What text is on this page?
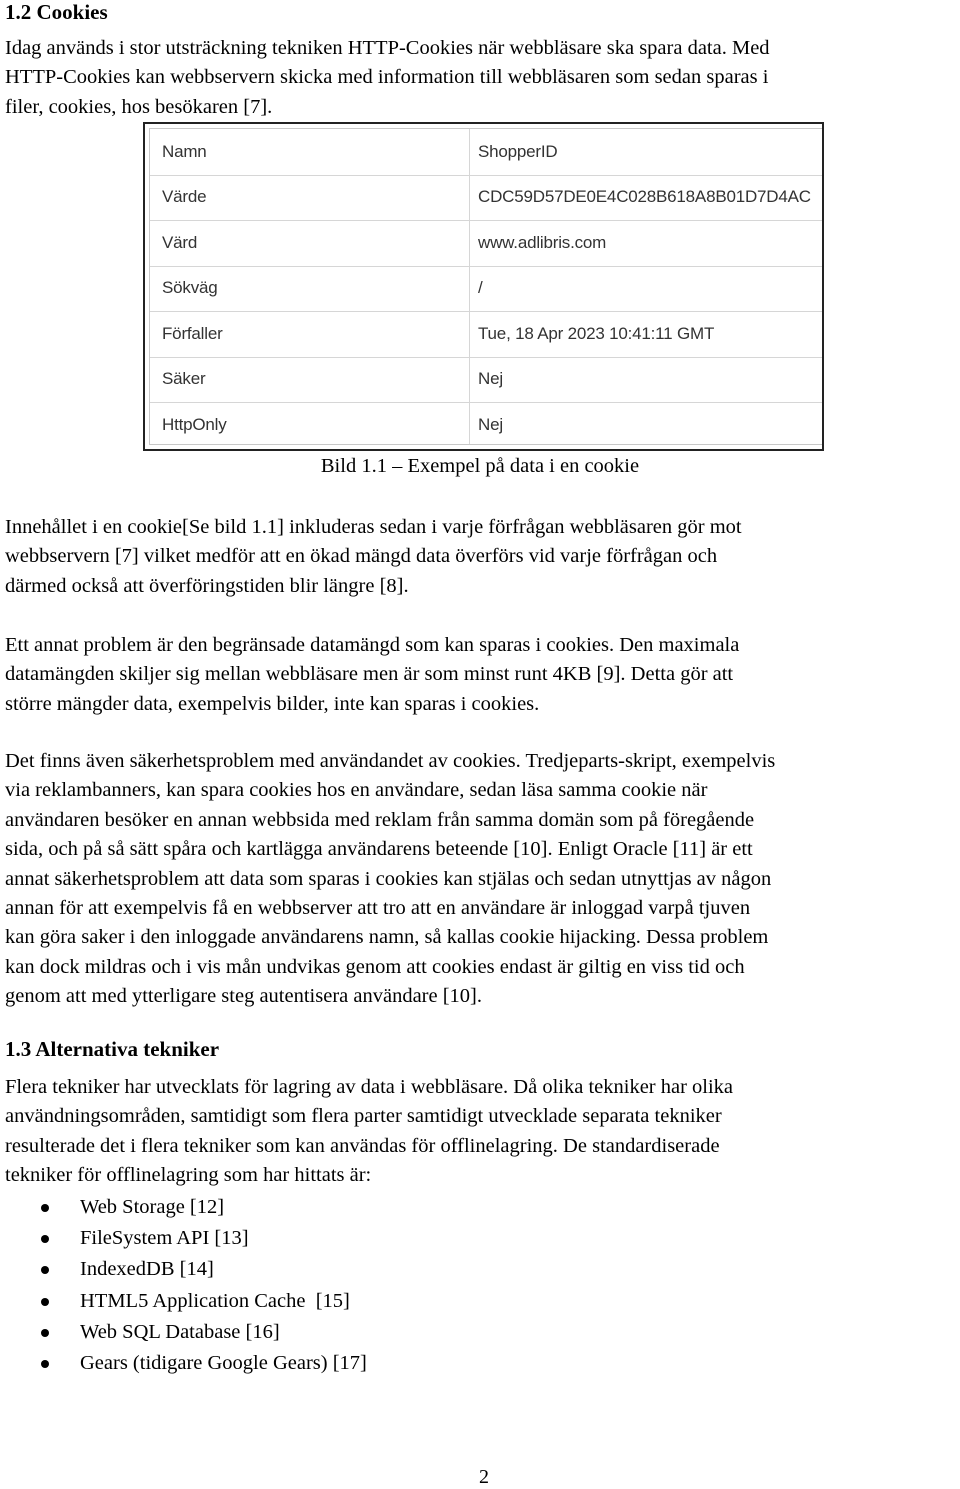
1.2 Cookies

Idag används i stor utsträckning tekniken HTTP-Cookies när webbläsare ska spara data. Med
HTTP-Cookies kan webbservern skicka med information till webbläsaren som sedan sparas i
filer, cookies, hos besökaren [7].

Namn	ShopperID
Värde	CDC59D57DE0E4C028B618A8B01D7D4AC
Värd	www.adlibris.com
Sökväg	/
Förfaller	Tue, 18 Apr 2023 10:41:11 GMT
Säker	Nej
HttpOnly	Nej
Bild 1.1 – Exempel på data i en cookie

Innehållet i en cookie[Se bild 1.1] inkluderas sedan i varje förfrågan webbläsaren gör mot
webbservern [7] vilket medför att en ökad mängd data överförs vid varje förfrågan och
därmed också att överföringstiden blir längre [8].

Ett annat problem är den begränsade datamängd som kan sparas i cookies. Den maximala
datamängden skiljer sig mellan webbläsare men är som minst runt 4KB [9]. Detta gör att
större mängder data, exempelvis bilder, inte kan sparas i cookies.

Det finns även säkerhetsproblem med användandet av cookies. Tredjeparts-skript, exempelvis
via reklambanners, kan spara cookies hos en användare, sedan läsa samma cookie när
användaren besöker en annan webbsida med reklam från samma domän som på föregående
sida, och på så sätt spåra och kartlägga användarens beteende [10]. Enligt Oracle [11] är ett
annat säkerhetsproblem att data som sparas i cookies kan stjälas och sedan utnyttjas av någon
annan för att exempelvis få en webbserver att tro att en användare är inloggad varpå tjuven
kan göra saker i den inloggade användarens namn, så kallas cookie hijacking. Dessa problem
kan dock mildras och i vis mån undvikas genom att cookies endast är giltig en viss tid och
genom att med ytterligare steg autentisera användare [10].

1.3 Alternativa tekniker

Flera tekniker har utvecklats för lagring av data i webbläsare. Då olika tekniker har olika
användningsområden, samtidigt som flera parter samtidigt utvecklade separata tekniker
resulterade det i flera tekniker som kan användas för offlinelagring. De standardiserade
tekniker för offlinelagring som har hittats är:

Web Storage [12]
FileSystem API [13]
IndexedDB [14]
HTML5 Application Cache  [15]
Web SQL Database [16]
Gears (tidigare Google Gears) [17]
2
